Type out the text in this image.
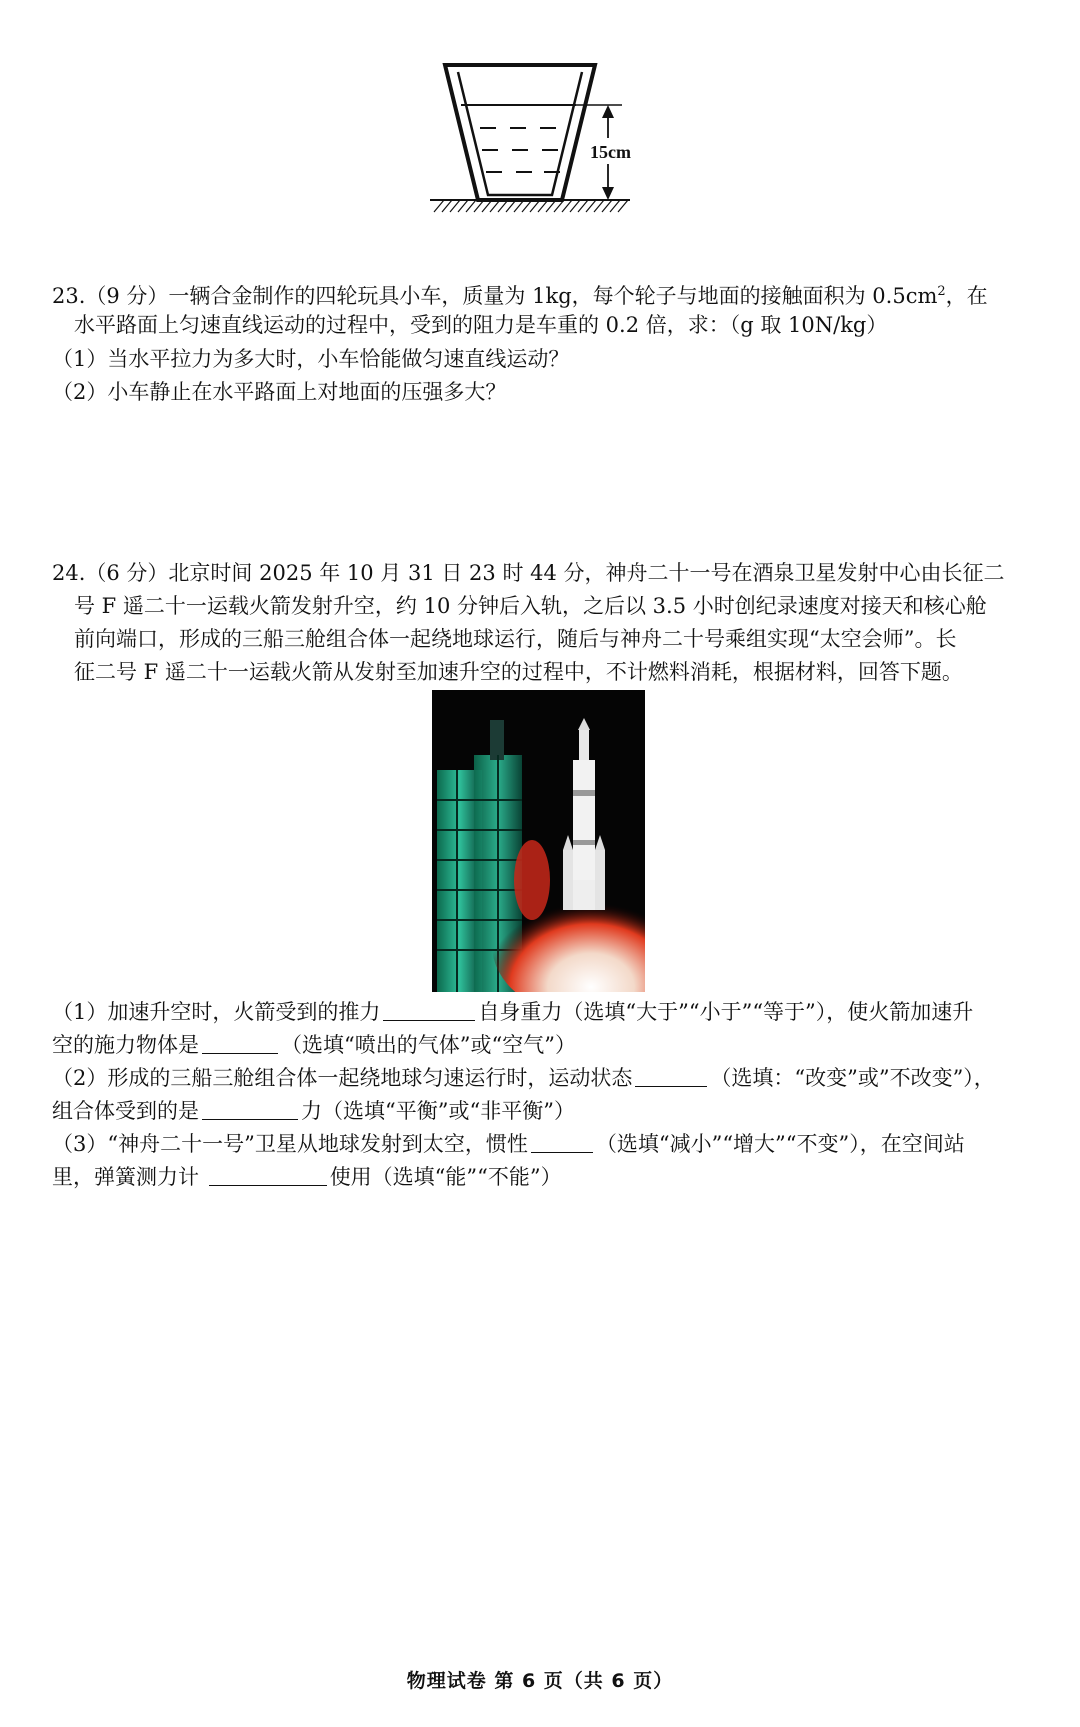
15cm
23.（9 分）一辆合金制作的四轮玩具小车，质量为 1kg，每个轮子与地面的接触面积为 $0.5cm^2$，在
水平路面上匀速直线运动的过程中，受到的阻力是车重的 0.2 倍，求：（g 取 10N/kg）
（1）当水平拉力为多大时，小车恰能做匀速直线运动？
（2）小车静止在水平路面上对地面的压强多大？
24.（6 分）北京时间 2025 年 10 月 31 日 23 时 44 分，神舟二十一号在酒泉卫星发射中心由长征二
号 F 遥二十一运载火箭发射升空，约 10 分钟后入轨，之后以 3.5 小时创纪录速度对接天和核心舱
前向端口，形成的三船三舱组合体一起绕地球运行，随后与神舟二十号乘组实现“太空会师”。长
征二号 F 遥二十一运载火箭从发射至加速升空的过程中，不计燃料消耗，根据材料，回答下题。
（1）加速升空时，火箭受到的推力	自身重力（选填“大于”“小于”“等于”），使火箭加速升
空的施力物体是	（选填“喷出的气体”或“空气”）
（2）形成的三船三舱组合体一起绕地球匀速运行时，运动状态	（选填：“改变”或”不改变”），
组合体受到的是	力（选填“平衡”或“非平衡”）
（3）“神舟二十一号”卫星从地球发射到太空，惯性	（选填“减小”“增大”“不变”），在空间站
里，弹簧测力计	使用（选填“能”“不能”）
物理试卷 第 6 页（共 6 页）
